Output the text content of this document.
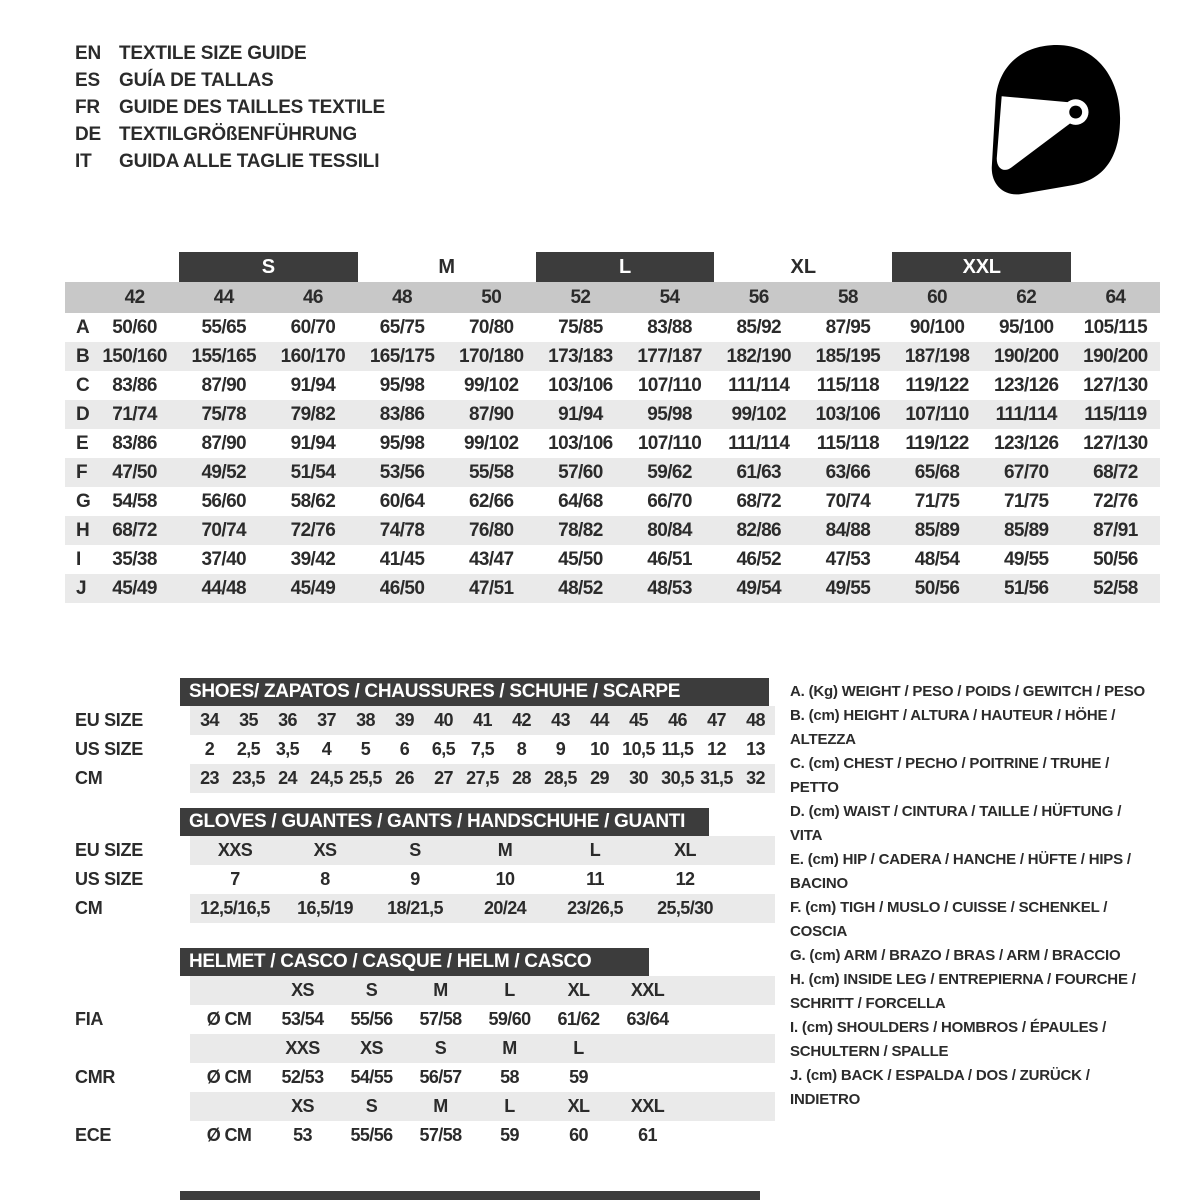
EN TEXTILE SIZE GUIDE
ES	GUÍA DE TALLAS
FR	GUIDE DES TAILLES TEXTILE
DE TEXTILGRÖßENFÜHRUNG
IT	GUIDA ALLE TAGLIE TESSILI
S	M	L	XL	XXL
42	44	46	48	50	52	54	56	58	60	62	64
A	50/60	55/65	60/70	65/75	70/80	75/85	83/88	85/92	87/95	90/100	95/100	105/115
B 150/160	155/165	160/170	165/175	170/180	173/183	177/187	182/190	185/195	187/198	190/200	190/200
C	83/86	87/90	91/94	95/98	99/102	103/106	107/110	111/114	115/118	119/122	123/126	127/130
D	71/74	75/78	79/82	83/86	87/90	91/94	95/98	99/102	103/106	107/110	111/114	115/119
E	83/86	87/90	91/94	95/98	99/102	103/106	107/110	111/114	115/118	119/122	123/126	127/130
F	47/50	49/52	51/54	53/56	55/58	57/60	59/62	61/63	63/66	65/68	67/70	68/72
G	54/58	56/60	58/62	60/64	62/66	64/68	66/70	68/72	70/74	71/75	71/75	72/76
H	68/72	70/74	72/76	74/78	76/80	78/82	80/84	82/86	84/88	85/89	85/89	87/91
I	35/38	37/40	39/42	41/45	43/47	45/50	46/51	46/52	47/53	48/54	49/55	50/56
J	45/49	44/48	45/49	46/50	47/51	48/52	48/53	49/54	49/55	50/56	51/56	52/58
SHOES/ ZAPATOS / CHAUSSURES / SCHUHE / SCARPE
EU SIZE	34	35	36	37	38	39	40	41	42	43	44	45	46	47	48
US SIZE	2	2,5 3,5	4	5	6	6,5 7,5	8	9	10 10,5 11,5 12	13
CM	23 23,5 24 24,5 25,5 26	27 27,5 28 28,5 29	30 30,5 31,5 32
GLOVES / GUANTES / GANTS / HANDSCHUHE / GUANTI
EU SIZE	XXS	XS	S	M	L	XL
US SIZE	7	8	9	10	11	12
CM	12,5/16,5	16,5/19	18/21,5	20/24	23/26,5	25,5/30
HELMET / CASCO / CASQUE / HELM / CASCO
XS	S	M	L	XL	XXL
FIA	Ø CM	53/54	55/56	57/58	59/60	61/62	63/64
XXS	XS	S	M	L
CMR	Ø CM	52/53	54/55	56/57	58	59
XS	S	M	L	XL	XXL
ECE	Ø CM	53	55/56	57/58	59	60	61
A. (Kg) WEIGHT / PESO / POIDS / GEWITCH / PESO
B. (cm) HEIGHT / ALTURA / HAUTEUR / HÖHE / ALTEZZA
C. (cm) CHEST / PECHO / POITRINE / TRUHE / PETTO
D. (cm) WAIST / CINTURA / TAILLE / HÜFTUNG / VITA
E. (cm) HIP / CADERA / HANCHE / HÜFTE / HIPS / BACINO
F. (cm) TIGH / MUSLO / CUISSE / SCHENKEL / COSCIA
G. (cm) ARM / BRAZO / BRAS / ARM / BRACCIO
H. (cm) INSIDE LEG / ENTREPIERNA / FOURCHE / SCHRITT / FORCELLA
I. (cm) SHOULDERS / HOMBROS / ÉPAULES / SCHULTERN / SPALLE
J. (cm) BACK / ESPALDA / DOS / ZURÜCK / INDIETRO
